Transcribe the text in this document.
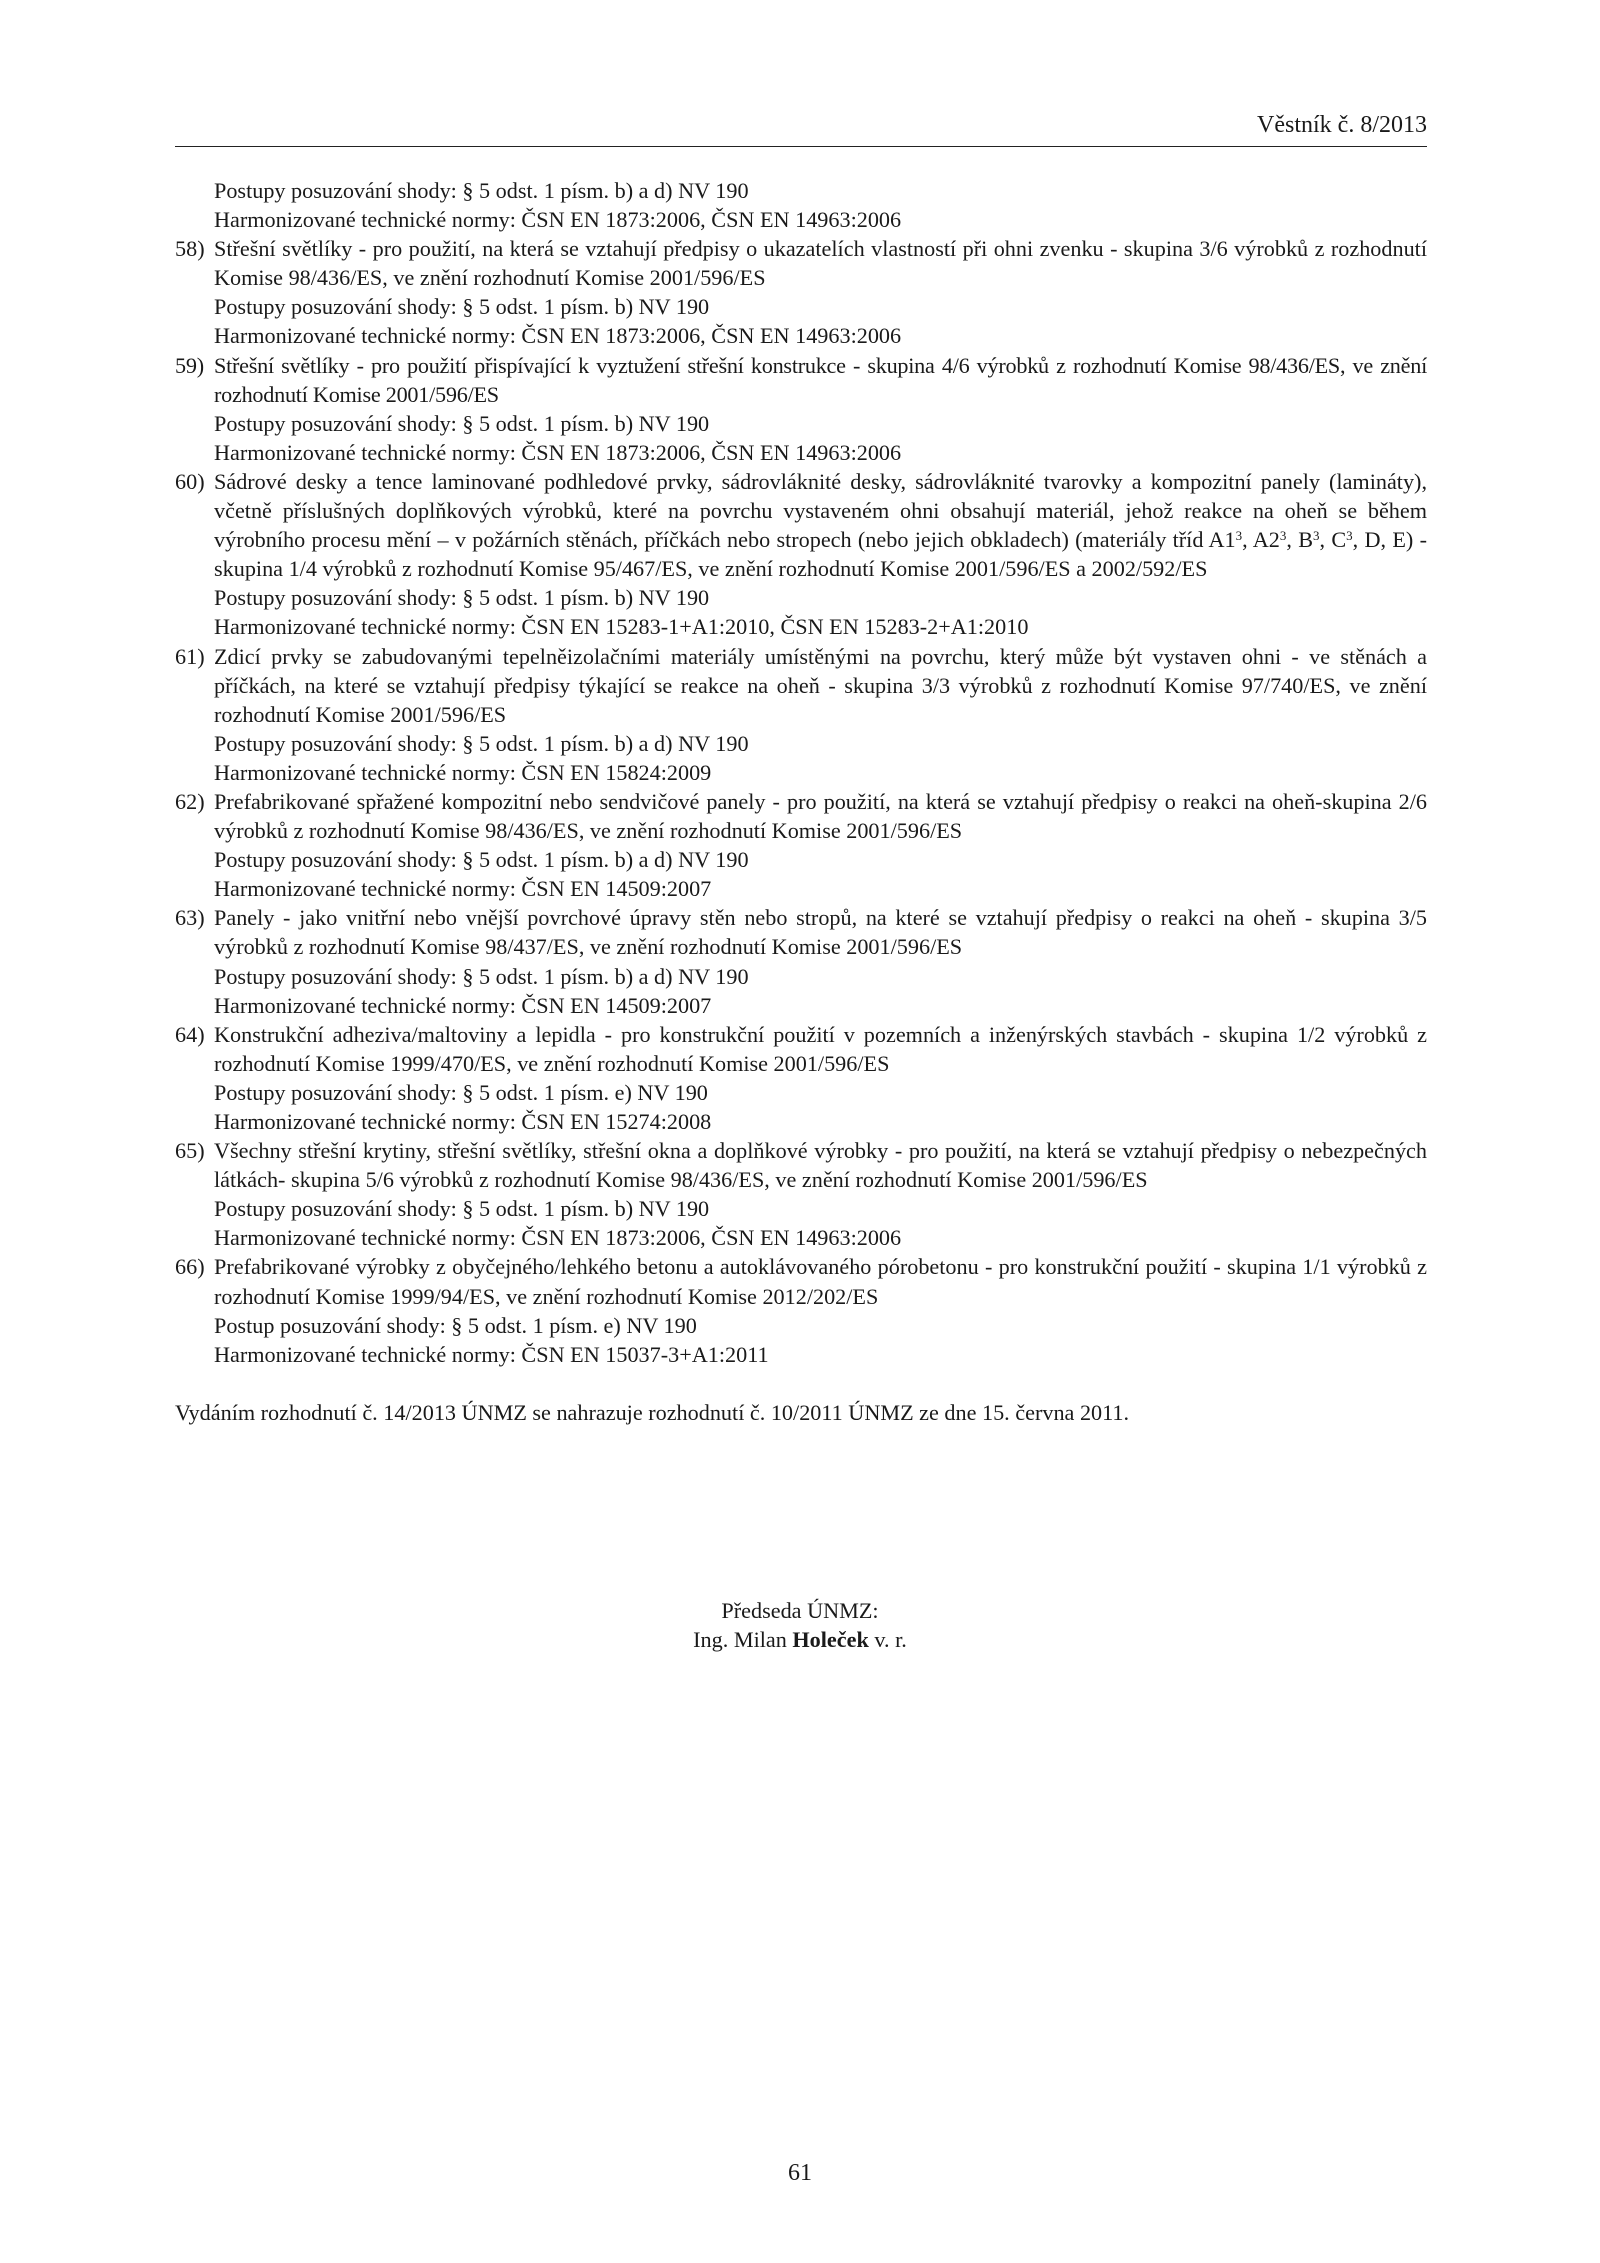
Věstník č. 8/2013
Postupy posuzování shody: § 5 odst. 1 písm. b) a d) NV 190
Harmonizované technické normy: ČSN EN 1873:2006, ČSN EN 14963:2006
58) Střešní světlíky - pro použití, na která se vztahují předpisy o ukazatelích vlastností při ohni zvenku - skupina 3/6 výrobků z rozhodnutí Komise 98/436/ES, ve znění rozhodnutí Komise 2001/596/ES
Postupy posuzování shody: § 5 odst. 1 písm. b) NV 190
Harmonizované technické normy: ČSN EN 1873:2006, ČSN EN 14963:2006
59) Střešní světlíky - pro použití přispívající k vyztužení střešní konstrukce - skupina 4/6 výrobků z rozhodnutí Komise 98/436/ES, ve znění rozhodnutí Komise 2001/596/ES
Postupy posuzování shody: § 5 odst. 1 písm. b) NV 190
Harmonizované technické normy: ČSN EN 1873:2006, ČSN EN 14963:2006
60) Sádrové desky a tence laminované podhledové prvky, sádrovláknité desky, sádrovláknité tvarovky a kompozitní panely (lamináty), včetně příslušných doplňkových výrobků, které na povrchu vystaveném ohni obsahují materiál, jehož reakce na oheň se během výrobního procesu mění – v požárních stěnách, příčkách nebo stropech (nebo jejich obkladech) (materiály tříd $A1^3$, $A2^3$, $B^3$, $C^3$, D, E) - skupina 1/4 výrobků z rozhodnutí Komise 95/467/ES, ve znění rozhodnutí Komise 2001/596/ES a 2002/592/ES
Postupy posuzování shody: § 5 odst. 1 písm. b) NV 190
Harmonizované technické normy: ČSN EN 15283-1+A1:2010, ČSN EN 15283-2+A1:2010
61) Zdicí prvky se zabudovanými tepelněizolačními materiály umístěnými na povrchu, který může být vystaven ohni - ve stěnách a příčkách, na které se vztahují předpisy týkající se reakce na oheň - skupina 3/3 výrobků z rozhodnutí Komise 97/740/ES, ve znění rozhodnutí Komise 2001/596/ES
Postupy posuzování shody: § 5 odst. 1 písm. b) a d) NV 190
Harmonizované technické normy: ČSN EN 15824:2009
62) Prefabrikované spřažené kompozitní nebo sendvičové panely - pro použití, na která se vztahují předpisy o reakci na oheň-skupina 2/6 výrobků z rozhodnutí Komise 98/436/ES, ve znění rozhodnutí Komise 2001/596/ES
Postupy posuzování shody: § 5 odst. 1 písm. b) a d) NV 190
Harmonizované technické normy: ČSN EN 14509:2007
63) Panely - jako vnitřní nebo vnější povrchové úpravy stěn nebo stropů, na které se vztahují předpisy o reakci na oheň - skupina 3/5 výrobků z rozhodnutí Komise 98/437/ES, ve znění rozhodnutí Komise 2001/596/ES
Postupy posuzování shody: § 5 odst. 1 písm. b) a d) NV 190
Harmonizované technické normy: ČSN EN 14509:2007
64) Konstrukční adheziva/maltoviny a lepidla - pro konstrukční použití v pozemních a inženýrských stavbách - skupina 1/2 výrobků z rozhodnutí Komise 1999/470/ES, ve znění rozhodnutí Komise 2001/596/ES
Postupy posuzování shody: § 5 odst. 1 písm. e) NV 190
Harmonizované technické normy: ČSN EN 15274:2008
65) Všechny střešní krytiny, střešní světlíky, střešní okna a doplňkové výrobky - pro použití, na která se vztahují předpisy o nebezpečných látkách- skupina 5/6 výrobků z rozhodnutí Komise 98/436/ES, ve znění rozhodnutí Komise 2001/596/ES
Postupy posuzování shody: § 5 odst. 1 písm. b) NV 190
Harmonizované technické normy: ČSN EN 1873:2006, ČSN EN 14963:2006
66) Prefabrikované výrobky z obyčejného/lehkého betonu a autoklávovaného pórobetonu - pro konstrukční použití - skupina 1/1 výrobků z rozhodnutí Komise 1999/94/ES, ve znění rozhodnutí Komise 2012/202/ES
Postup posuzování shody: § 5 odst. 1 písm. e) NV 190
Harmonizované technické normy: ČSN EN 15037-3+A1:2011
Vydáním rozhodnutí č. 14/2013 ÚNMZ se nahrazuje rozhodnutí č. 10/2011 ÚNMZ ze dne 15. června 2011.
Předseda ÚNMZ:
Ing. Milan Holeček v. r.
61
